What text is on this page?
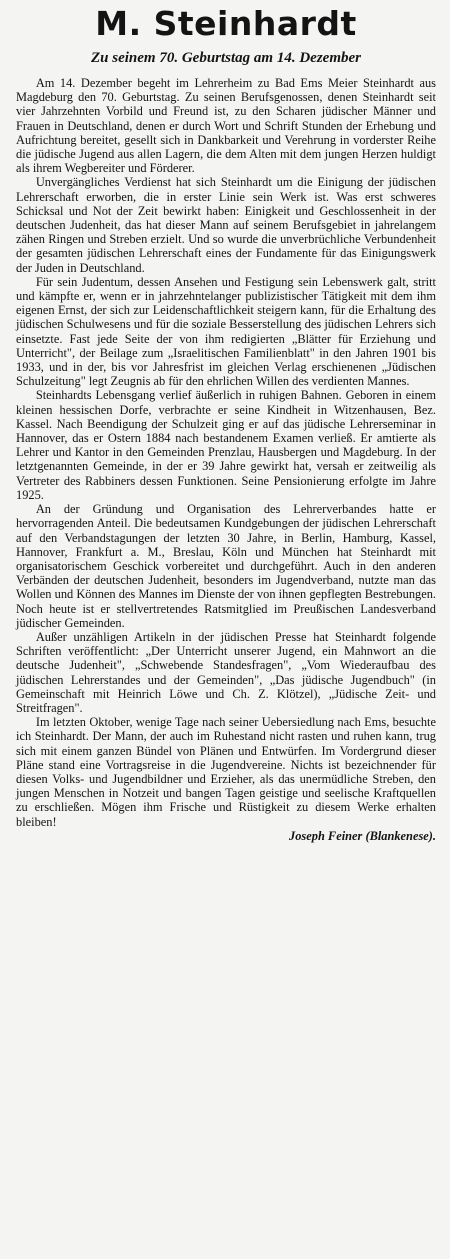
M. Steinhardt
Zu seinem 70. Geburtstag am 14. Dezember

Am 14. Dezember begeht im Lehrerheim zu Bad Ems Meier Steinhardt aus Magdeburg den 70. Geburtstag. Zu seinen Berufsgenossen, denen Steinhardt seit vier Jahrzehnten Vorbild und Freund ist, zu den Scharen jüdischer Männer und Frauen in Deutschland, denen er durch Wort und Schrift Stunden der Erhebung und Aufrichtung bereitet, gesellt sich in Dankbarkeit und Verehrung in vorderster Reihe die jüdische Jugend aus allen Lagern, die dem Alten mit dem jungen Herzen huldigt als ihrem Wegbereiter und Förderer.

Unvergängliches Verdienst hat sich Steinhardt um die Einigung der jüdischen Lehrerschaft erworben, die in erster Linie sein Werk ist. Was erst schweres Schicksal und Not der Zeit bewirkt haben: Einigkeit und Geschlossenheit in der deutschen Judenheit, das hat dieser Mann auf seinem Berufsgebiet in jahrelangem zähen Ringen und Streben erzielt. Und so wurde die unverbrüchliche Verbundenheit der gesamten jüdischen Lehrerschaft eines der Fundamente für das Einigungswerk der Juden in Deutschland.

Für sein Judentum, dessen Ansehen und Festigung sein Lebenswerk galt, stritt und kämpfte er, wenn er in jahrzehntelanger publizistischer Tätigkeit mit dem ihm eigenen Ernst, der sich zur Leidenschaftlichkeit steigern kann, für die Erhaltung des jüdischen Schulwesens und für die soziale Besserstellung des jüdischen Lehrers sich einsetzte. Fast jede Seite der von ihm redigierten „Blätter für Erziehung und Unterricht", der Beilage zum „Israelitischen Familienblatt" in den Jahren 1901 bis 1933, und in der, bis vor Jahresfrist im gleichen Verlag erschienenen „Jüdischen Schulzeitung" legt Zeugnis ab für den ehrlichen Willen des verdienten Mannes.

Steinhardts Lebensgang verlief äußerlich in ruhigen Bahnen. Geboren in einem kleinen hessischen Dorfe, verbrachte er seine Kindheit in Witzenhausen, Bez. Kassel. Nach Beendigung der Schulzeit ging er auf das jüdische Lehrerseminar in Hannover, das er Ostern 1884 nach bestandenem Examen verließ. Er amtierte als Lehrer und Kantor in den Gemeinden Prenzlau, Hausbergen und Magdeburg. In der letztgenannten Gemeinde, in der er 39 Jahre gewirkt hat, versah er zeitweilig als Vertreter des Rabbiners dessen Funktionen. Seine Pensionierung erfolgte im Jahre 1925.

An der Gründung und Organisation des Lehrerverbandes hatte er hervorragenden Anteil. Die bedeutsamen Kundgebungen der jüdischen Lehrerschaft auf den Verbandstagungen der letzten 30 Jahre, in Berlin, Hamburg, Kassel, Hannover, Frankfurt a. M., Breslau, Köln und München hat Steinhardt mit organisatorischem Geschick vorbereitet und durchgeführt. Auch in den anderen Verbänden der deutschen Judenheit, besonders im Jugendverband, nutzte man das Wollen und Können des Mannes im Dienste der von ihnen gepflegten Bestrebungen. Noch heute ist er stellvertretendes Ratsmitglied im Preußischen Landesverband jüdischer Gemeinden.

Außer unzähligen Artikeln in der jüdischen Presse hat Steinhardt folgende Schriften veröffentlicht: „Der Unterricht unserer Jugend, ein Mahnwort an die deutsche Judenheit", „Schwebende Standesfragen", „Vom Wiederaufbau des jüdischen Lehrerstandes und der Gemeinden", „Das jüdische Jugendbuch" (in Gemeinschaft mit Heinrich Löwe und Ch. Z. Klötzel), „Jüdische Zeit- und Streitfragen".

Im letzten Oktober, wenige Tage nach seiner Uebersiedlung nach Ems, besuchte ich Steinhardt. Der Mann, der auch im Ruhestand nicht rasten und ruhen kann, trug sich mit einem ganzen Bündel von Plänen und Entwürfen. Im Vordergrund dieser Pläne stand eine Vortragsreise in die Jugendvereine. Nichts ist bezeichnender für diesen Volks- und Jugendbildner und Erzieher, als das unermüdliche Streben, den jungen Menschen in Notzeit und bangen Tagen geistige und seelische Kraftquellen zu erschließen. Mögen ihm Frische und Rüstigkeit zu diesem Werke erhalten bleiben!

Joseph Feiner (Blankenese).
